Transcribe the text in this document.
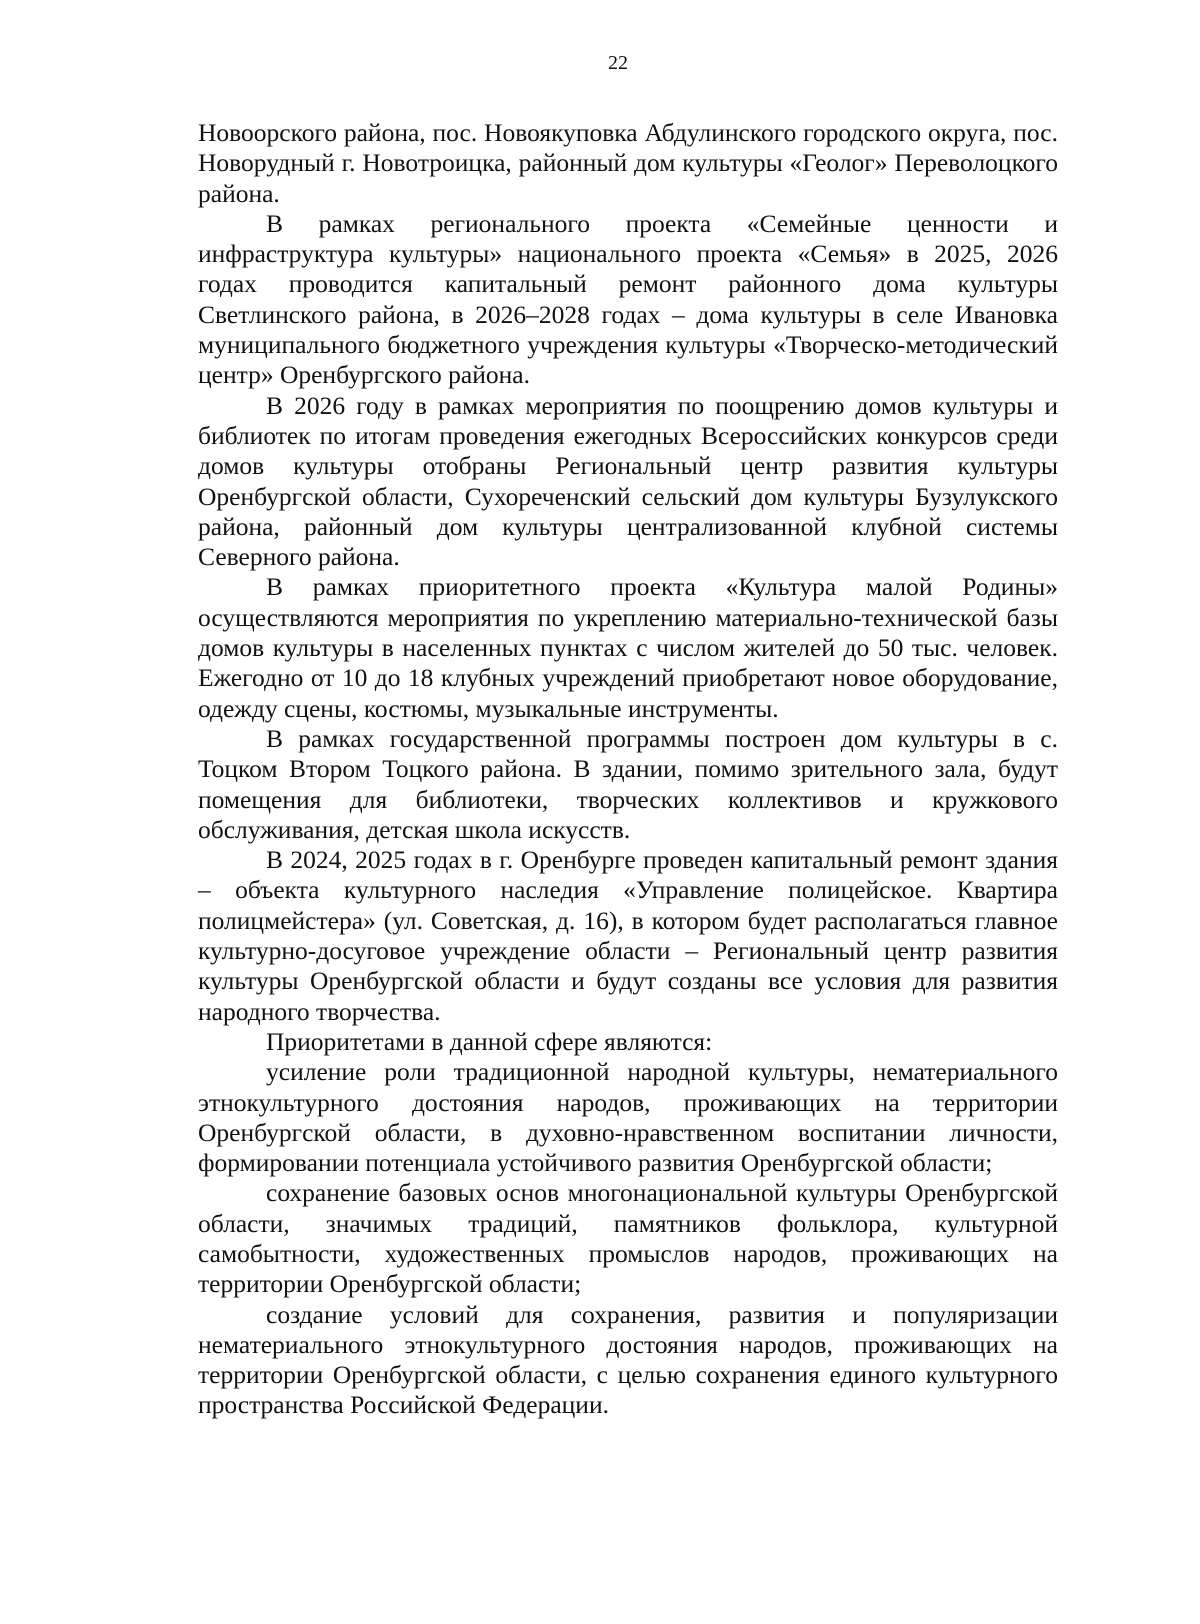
22

Новоорского района, пос. Новоякуповка Абдулинского городского округа, пос. Новорудный г. Новотроицка, районный дом культуры «Геолог» Переволоцкого района.

В рамках регионального проекта «Семейные ценности и инфраструктура культуры» национального проекта «Семья» в 2025, 2026 годах проводится капитальный ремонт районного дома культуры Светлинского района, в 2026–2028 годах – дома культуры в селе Ивановка муниципального бюджетного учреждения культуры «Творческо-методический центр» Оренбургского района.

В 2026 году в рамках мероприятия по поощрению домов культуры и библиотек по итогам проведения ежегодных Всероссийских конкурсов среди домов культуры отобраны Региональный центр развития культуры Оренбургской области, Сухореченский сельский дом культуры Бузулукского района, районный дом культуры централизованной клубной системы Северного района.

В рамках приоритетного проекта «Культура малой Родины» осуществляются мероприятия по укреплению материально-технической базы домов культуры в населенных пунктах с числом жителей до 50 тыс. человек. Ежегодно от 10 до 18 клубных учреждений приобретают новое оборудование, одежду сцены, костюмы, музыкальные инструменты.

В рамках государственной программы построен дом культуры в с. Тоцком Втором Тоцкого района. В здании, помимо зрительного зала, будут помещения для библиотеки, творческих коллективов и кружкового обслуживания, детская школа искусств.

В 2024, 2025 годах в г. Оренбурге проведен капитальный ремонт здания – объекта культурного наследия «Управление полицейское. Квартира полицмейстера» (ул. Советская, д. 16), в котором будет располагаться главное культурно-досуговое учреждение области – Региональный центр развития культуры Оренбургской области и будут созданы все условия для развития народного творчества.

Приоритетами в данной сфере являются:

усиление роли традиционной народной культуры, нематериального этнокультурного достояния народов, проживающих на территории Оренбургской области, в духовно-нравственном воспитании личности, формировании потенциала устойчивого развития Оренбургской области;

сохранение базовых основ многонациональной культуры Оренбургской области, значимых традиций, памятников фольклора, культурной самобытности, художественных промыслов народов, проживающих на территории Оренбургской области;

создание условий для сохранения, развития и популяризации нематериального этнокультурного достояния народов, проживающих на территории Оренбургской области, с целью сохранения единого культурного пространства Российской Федерации.
